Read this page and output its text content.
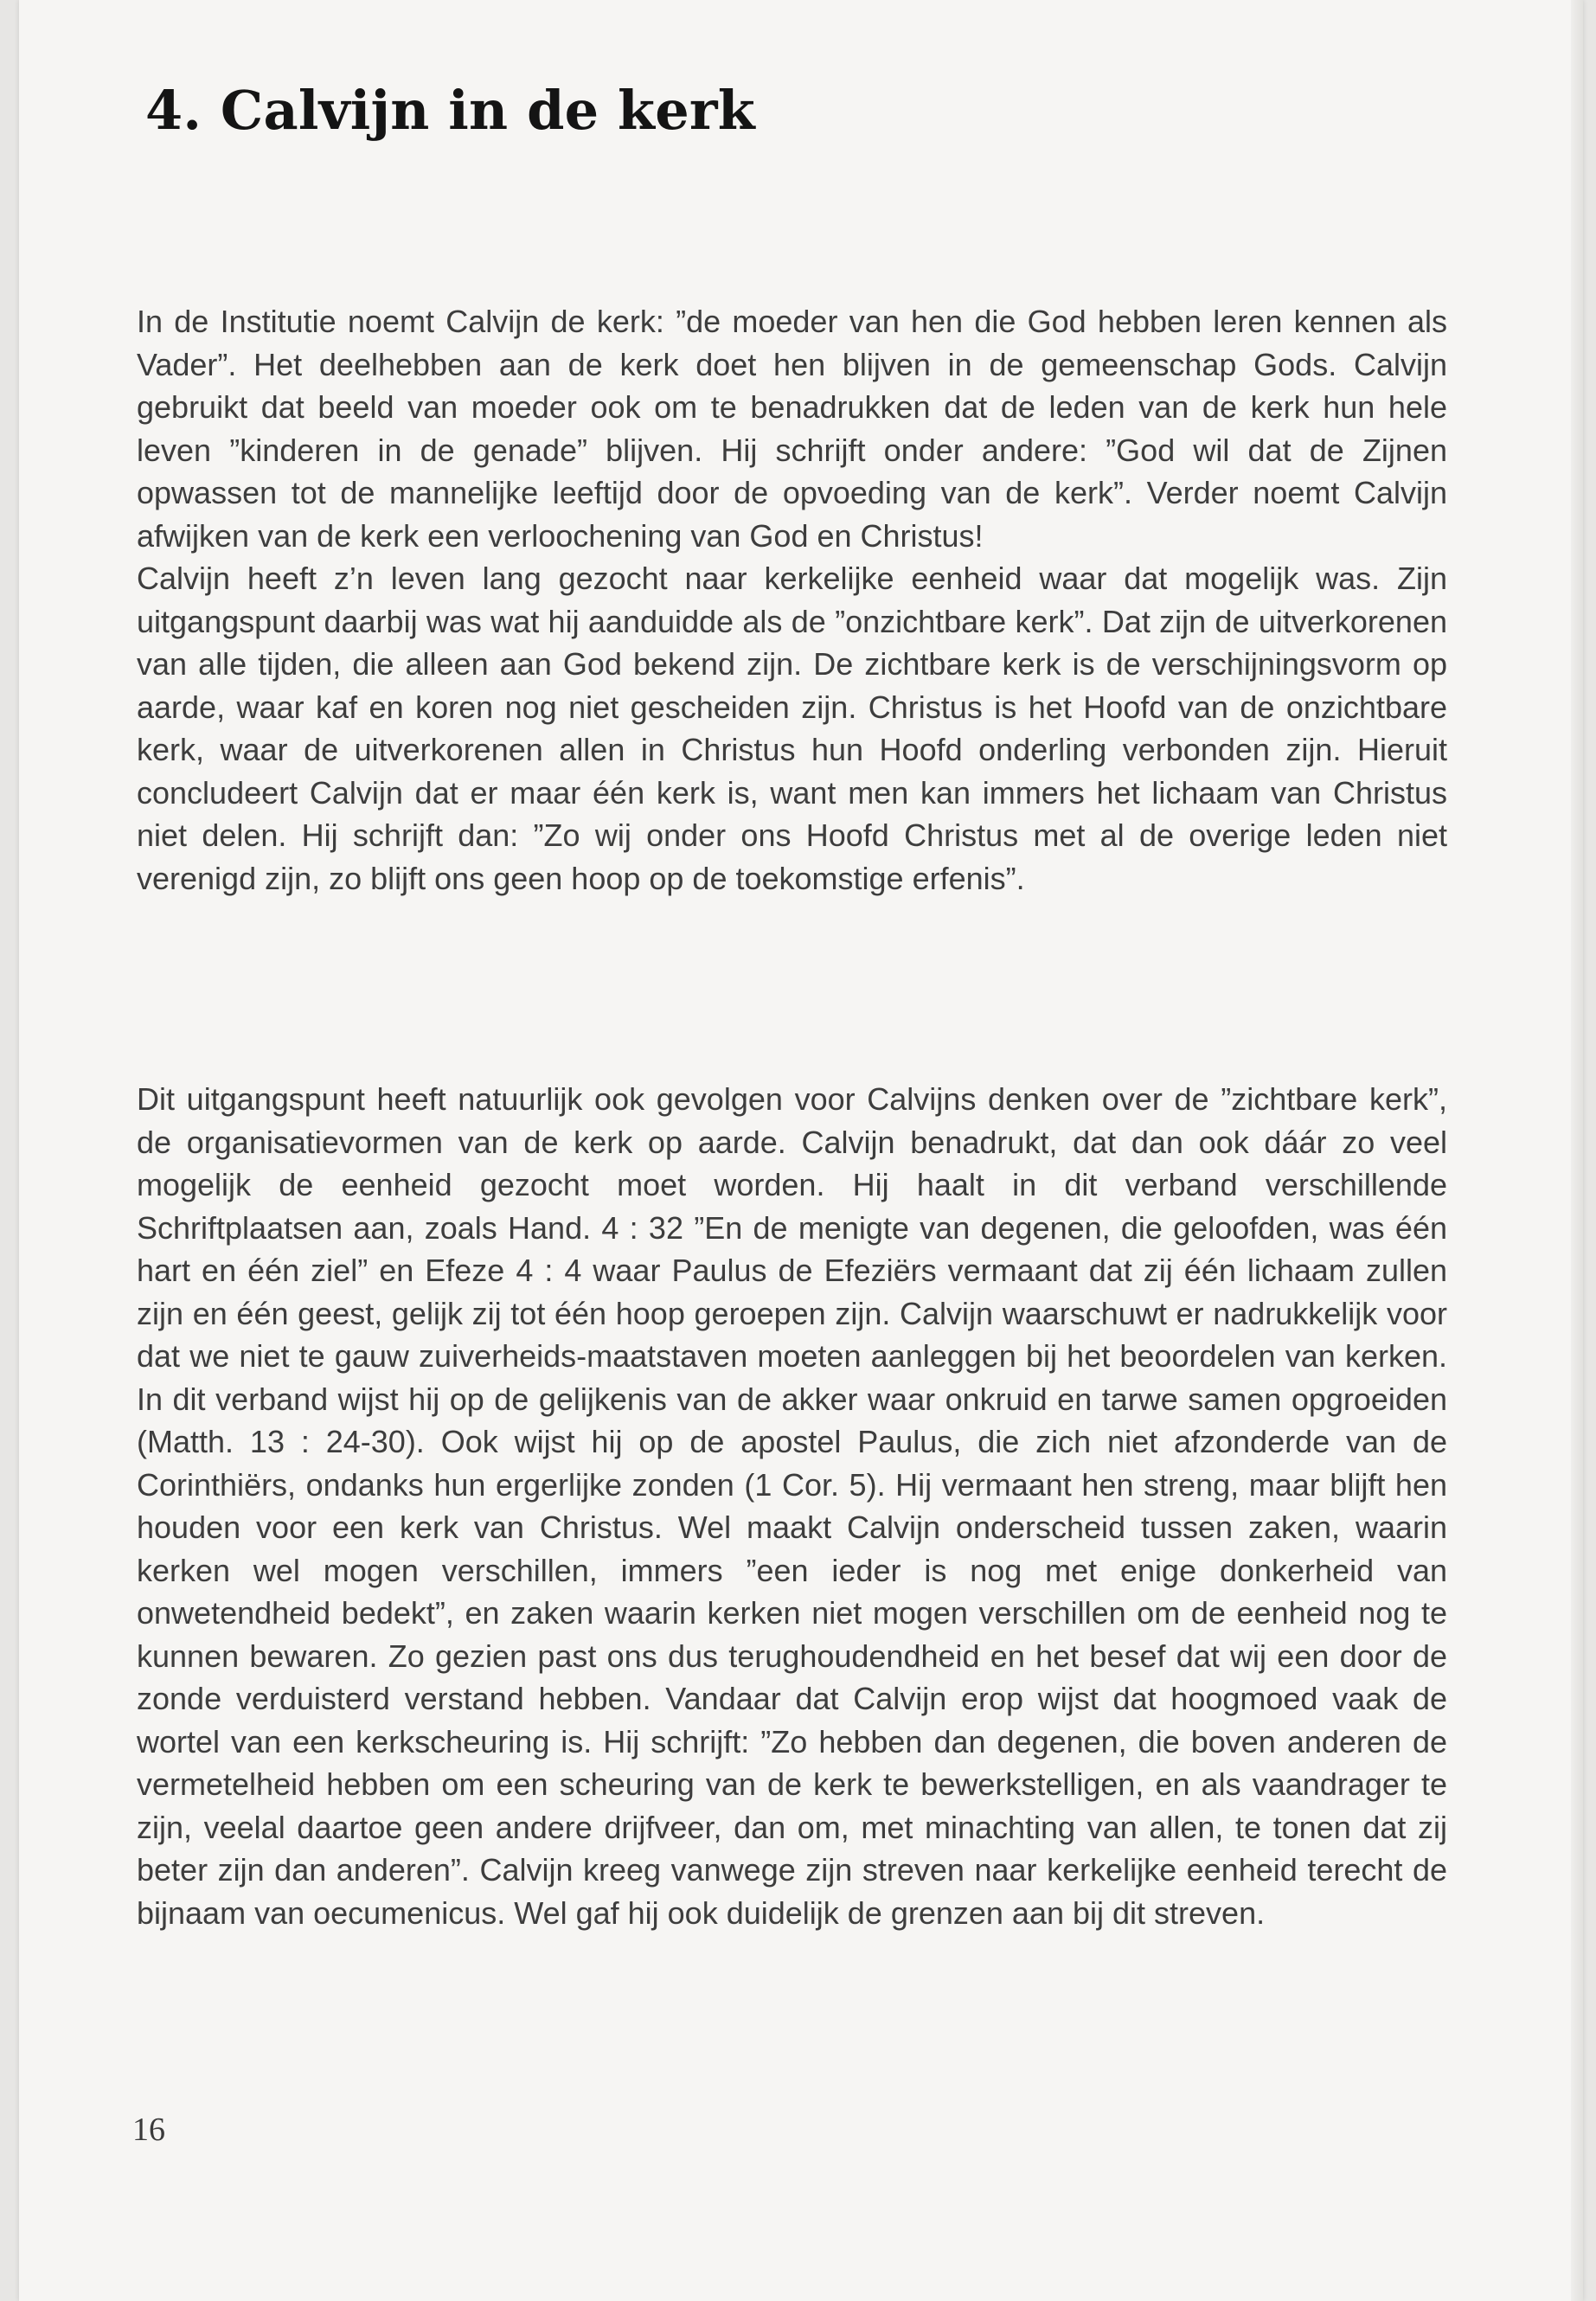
4. Calvijn in de kerk

In de Institutie noemt Calvijn de kerk: ”de moeder van hen die God hebben leren kennen als Vader”. Het deelhebben aan de kerk doet hen blijven in de gemeenschap Gods. Calvijn gebruikt dat beeld van moeder ook om te benadrukken dat de leden van de kerk hun hele leven ”kinderen in de genade” blijven. Hij schrijft onder andere: ”God wil dat de Zijnen opwassen tot de mannelijke leeftijd door de opvoeding van de kerk”. Verder noemt Calvijn afwijken van de kerk een verloochening van God en Christus!

Calvijn heeft z’n leven lang gezocht naar kerkelijke eenheid waar dat mogelijk was. Zijn uitgangspunt daarbij was wat hij aanduidde als de ”onzichtbare kerk”. Dat zijn de uitverkorenen van alle tijden, die alleen aan God bekend zijn. De zichtbare kerk is de verschijningsvorm op aarde, waar kaf en koren nog niet gescheiden zijn. Christus is het Hoofd van de onzichtbare kerk, waar de uitverkorenen allen in Christus hun Hoofd onderling verbonden zijn. Hieruit concludeert Calvijn dat er maar één kerk is, want men kan immers het lichaam van Christus niet delen. Hij schrijft dan: ”Zo wij onder ons Hoofd Christus met al de overige leden niet verenigd zijn, zo blijft ons geen hoop op de toekomstige erfenis”.

Dit uitgangspunt heeft natuurlijk ook gevolgen voor Calvijns denken over de ”zichtbare kerk”, de organisatievormen van de kerk op aarde. Calvijn benadrukt, dat dan ook dáár zo veel mogelijk de eenheid gezocht moet worden. Hij haalt in dit verband verschillende Schriftplaatsen aan, zoals Hand. 4 : 32 ”En de menigte van degenen, die geloofden, was één hart en één ziel” en Efeze 4 : 4 waar Paulus de Efeziërs vermaant dat zij één lichaam zullen zijn en één geest, gelijk zij tot één hoop geroepen zijn. Calvijn waarschuwt er nadrukkelijk voor dat we niet te gauw zuiverheids-maatstaven moeten aanleggen bij het beoordelen van kerken. In dit verband wijst hij op de gelijkenis van de akker waar onkruid en tarwe samen opgroeiden (Matth. 13 : 24-30). Ook wijst hij op de apostel Paulus, die zich niet afzonderde van de Corinthiërs, ondanks hun ergerlijke zonden (1 Cor. 5). Hij vermaant hen streng, maar blijft hen houden voor een kerk van Christus. Wel maakt Calvijn onderscheid tussen zaken, waarin kerken wel mogen verschillen, immers ”een ieder is nog met enige donkerheid van onwetendheid bedekt”, en zaken waarin kerken niet mogen verschillen om de eenheid nog te kunnen bewaren. Zo gezien past ons dus terughoudendheid en het besef dat wij een door de zonde verduisterd verstand hebben. Vandaar dat Calvijn erop wijst dat hoogmoed vaak de wortel van een kerkscheuring is. Hij schrijft: ”Zo hebben dan degenen, die boven anderen de vermetelheid hebben om een scheuring van de kerk te bewerkstelligen, en als vaandrager te zijn, veelal daartoe geen andere drijfveer, dan om, met minachting van allen, te tonen dat zij beter zijn dan anderen”. Calvijn kreeg vanwege zijn streven naar kerkelijke eenheid terecht de bijnaam van oecumenicus. Wel gaf hij ook duidelijk de grenzen aan bij dit streven.

16
